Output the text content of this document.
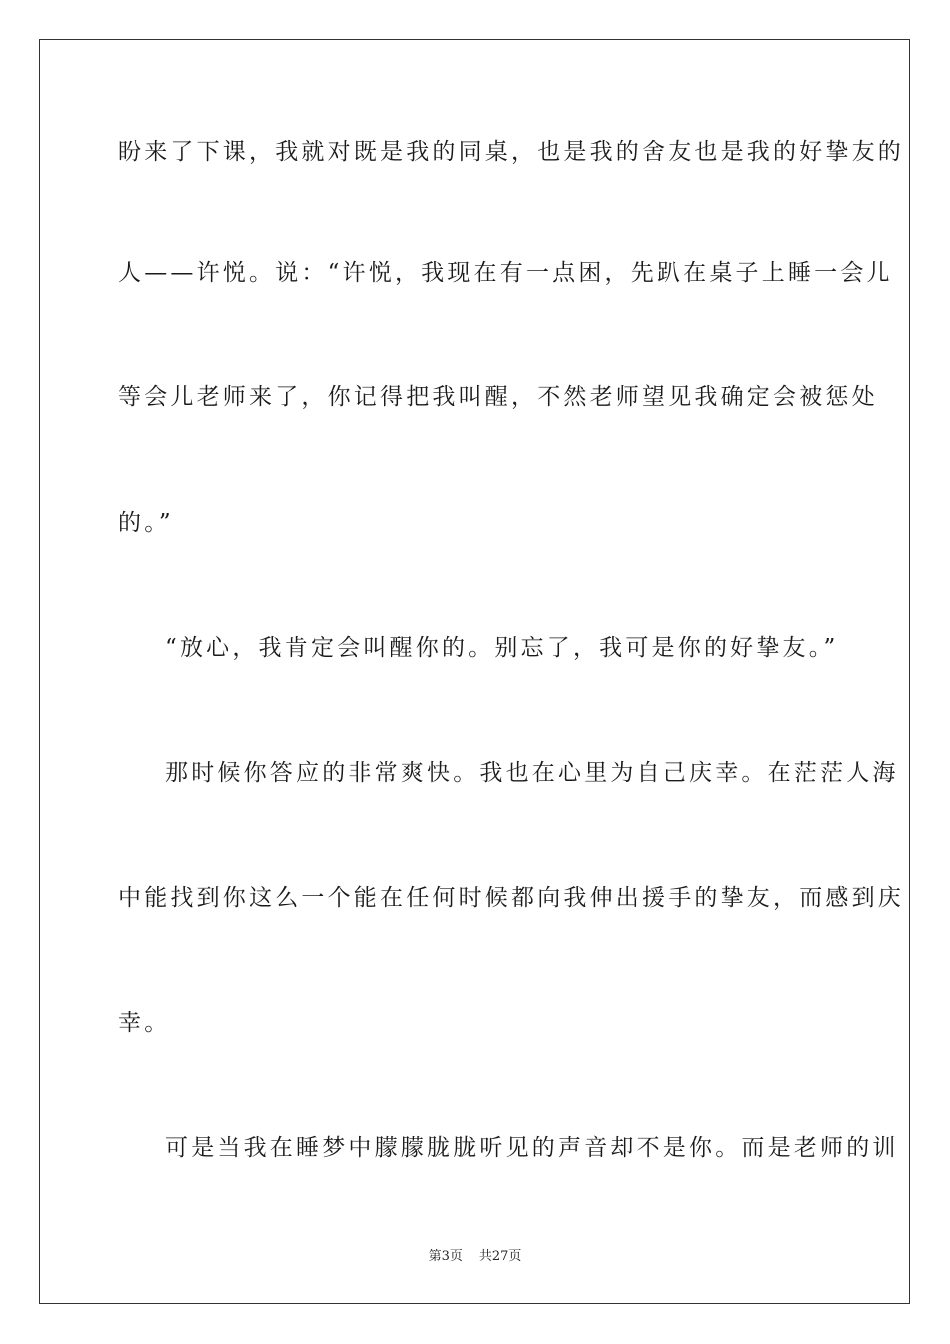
盼来了下课，我就对既是我的同桌，也是我的舍友也是我的好挚友的
人——许悦。说：“许悦，我现在有一点困，先趴在桌子上睡一会儿
等会儿老师来了，你记得把我叫醒，不然老师望见我确定会被惩处
的。”
“放心，我肯定会叫醒你的。别忘了，我可是你的好挚友。”
那时候你答应的非常爽快。我也在心里为自己庆幸。在茫茫人海
中能找到你这么一个能在任何时候都向我伸出援手的挚友，而感到庆
幸。
可是当我在睡梦中朦朦胧胧听见的声音却不是你。而是老师的训
第3页 共27页
